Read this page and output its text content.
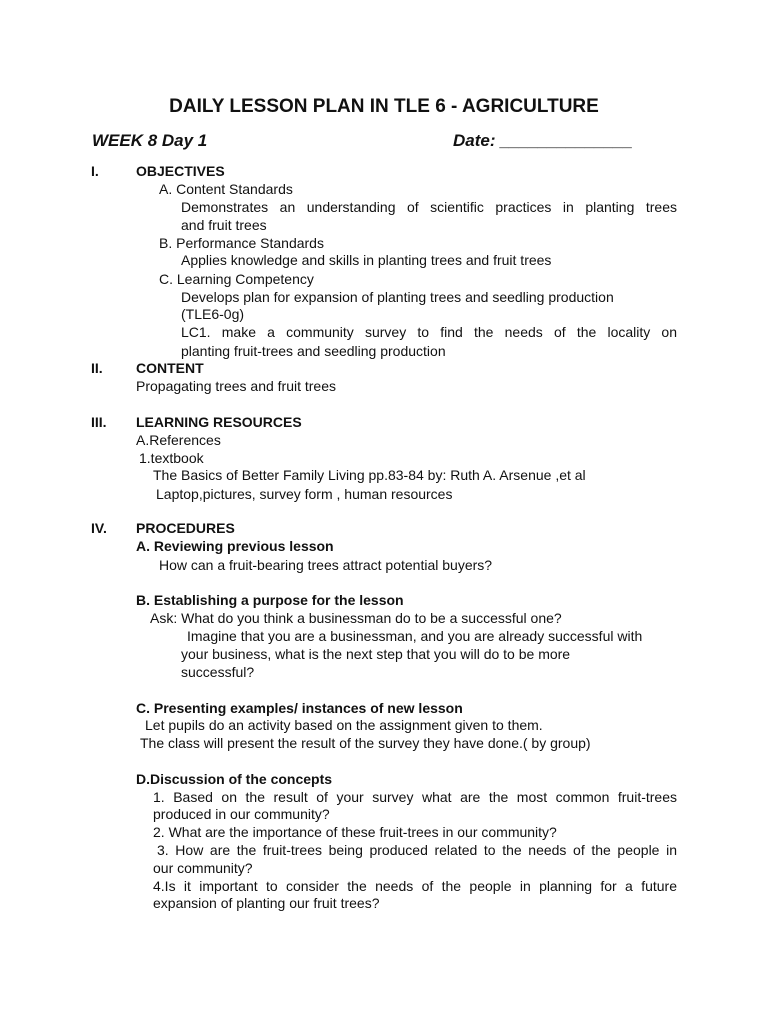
DAILY LESSON PLAN IN TLE 6 - AGRICULTURE
WEEK 8 Day 1	Date: ______________
I.	OBJECTIVES
A. Content Standards
Demonstrates an understanding of scientific practices in planting trees
and fruit trees
B. Performance Standards
Applies knowledge and skills in planting trees and fruit trees
C. Learning Competency
Develops plan for expansion of planting trees and seedling production
(TLE6-0g)
LC1. make a community survey to find the needs of the locality on
planting fruit-trees and seedling production
II. CONTENT
Propagating trees and fruit trees
III. LEARNING RESOURCES
A.References
1.textbook
The Basics of Better Family Living pp.83-84 by: Ruth A. Arsenue ,et al
Laptop,pictures, survey form , human resources
IV. PROCEDURES
A. Reviewing previous lesson
How can a fruit-bearing trees attract potential buyers?
B. Establishing a purpose for the lesson
Ask: What do you think a businessman do to be a successful one?
Imagine that you are a businessman, and you are already successful with
your business, what is the next step that you will do to be more
successful?
C. Presenting examples/ instances of new lesson
Let pupils do an activity based on the assignment given to them.
The class will present the result of the survey they have done.( by group)
D.Discussion of the concepts
1. Based on the result of your survey what are the most common fruit-trees
produced in our community?
2. What are the importance of these fruit-trees in our community?
3. How are the fruit-trees being produced related to the needs of the people in
our community?
4.Is it important to consider the needs of the people in planning for a future
expansion of planting our fruit trees?
